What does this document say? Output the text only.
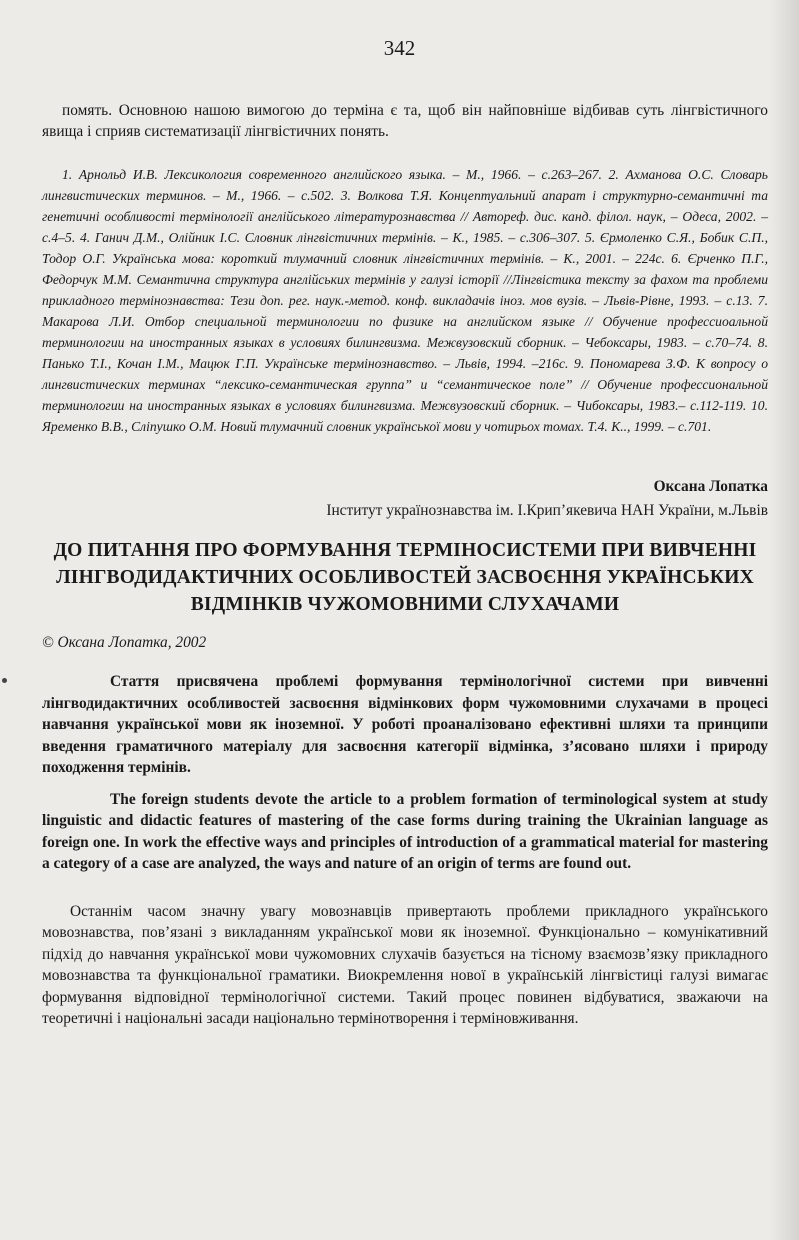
342

помять. Основною нашою вимогою до терміна є та, щоб він найповніше відбивав суть лінгвістичного явища і сприяв систематизації лінгвістичних понять.

1. Арнольд И.В. Лексикология современного английского языка. – М., 1966. – с.263–267. 2. Ахманова О.С. Словарь лингвистических терминов. – М., 1966. – с.502. 3. Волкова Т.Я. Концептуальний апарат і структурно-семантичні та генетичні особливості термінології англійського літературознавства // Автореф. дис. канд. філол. наук, – Одеса, 2002. – с.4–5. 4. Ганич Д.М., Олійник І.С. Словник лінгвістичних термінів. – К., 1985. – с.306–307. 5. Єрмоленко С.Я., Бобик С.П., Тодор О.Г. Українська мова: короткий тлумачний словник лінгвістичних термінів. – К., 2001. – 224с. 6. Єрченко П.Г., Федорчук М.М. Семантична структура англійських термінів у галузі історії //Лінгвістика тексту за фахом та проблеми прикладного термінознавства: Тези доп. рег. наук.-метод. конф. викладачів іноз. мов вузів. – Львів-Рівне, 1993. – с.13. 7. Макарова Л.И. Отбор специальной терминологии по физике на английском языке // Обучение профессиоальной терминологии на иностранных языках в условиях билингвизма. Межвузовский сборник. – Чебоксары, 1983. – с.70–74. 8. Панько Т.І., Кочан І.М., Мацюк Г.П. Українське термінознавство. – Львів, 1994. –216с. 9. Пономарева З.Ф. К вопросу о лингвистических терминах “лексико-семантическая группа” и “семантическое поле” // Обучение профессиональной терминологии на иностранных языках в условиях билингвизма. Межвузовский сборник. – Чибоксары, 1983.– с.112-119. 10. Яременко В.В., Сліпушко О.М. Новий тлумачний словник української мови у чотирьох томах. Т.4. К.., 1999. – с.701.

Оксана Лопатка
Інститут українознавства ім. І.Крип’якевича НАН України, м.Львів
ДО ПИТАННЯ ПРО ФОРМУВАННЯ ТЕРМІНОСИСТЕМИ ПРИ ВИВЧЕННІ ЛІНГВОДИДАКТИЧНИХ ОСОБЛИВОСТЕЙ ЗАСВОЄННЯ УКРАЇНСЬКИХ ВІДМІНКІВ ЧУЖОМОВНИМИ СЛУХАЧАМИ
© Оксана Лопатка, 2002

Стаття присвячена проблемі формування термінологічної системи при вивченні лінгводидактичних особливостей засвоєння відмінкових форм чужомовними слухачами в процесі навчання української мови як іноземної. У роботі проаналізовано ефективні шляхи та принципи введення граматичного матеріалу для засвоєння категорії відмінка, з’ясовано шляхи і природу походження термінів.

The foreign students devote the article to a problem formation of terminological system at study linguistic and didactic features of mastering of the case forms during training the Ukrainian language as foreign one. In work the effective ways and principles of introduction of a grammatical material for mastering a category of a case are analyzed, the ways and nature of an origin of terms are found out.

Останнім часом значну увагу мовознавців привертають проблеми прикладного українського мовознавства, пов’язані з викладанням української мови як іноземної. Функціонально – комунікативний підхід до навчання української мови чужомовних слухачів базується на тісному взаємозв’язку прикладного мовознавства та функціональної граматики. Виокремлення нової в українській лінгвістиці галузі вимагає формування відповідної термінологічної системи. Такий процес повинен відбуватися, зважаючи на теоретичні і національні засади національно термінотворення і терміновживання.
